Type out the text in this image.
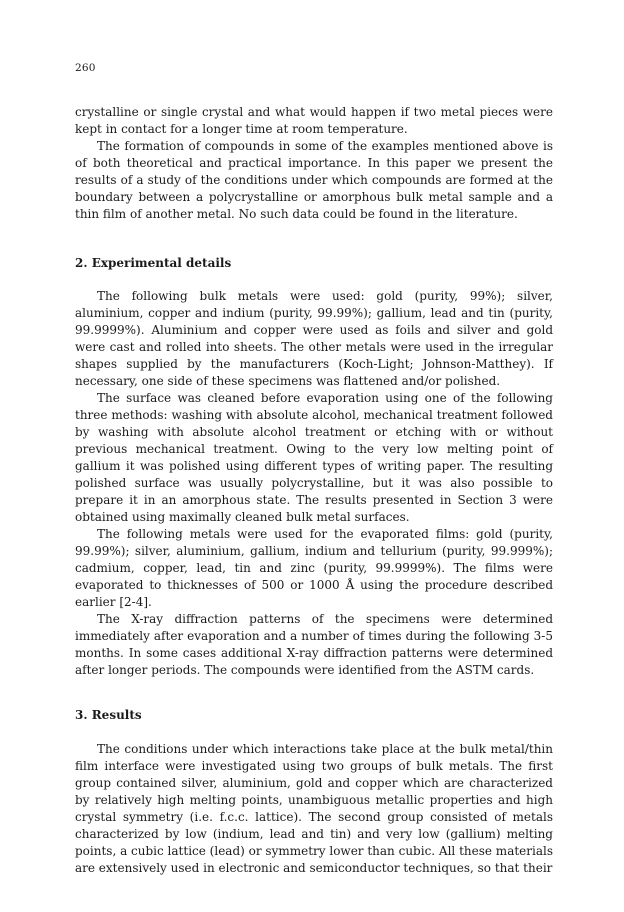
260

crystalline or single crystal and what would happen if two metal pieces were kept in contact for a longer time at room temperature.

The formation of compounds in some of the examples mentioned above is of both theoretical and practical importance. In this paper we present the results of a study of the conditions under which compounds are formed at the boundary between a polycrystalline or amorphous bulk metal sample and a thin film of another metal. No such data could be found in the literature.

2. Experimental details

The following bulk metals were used: gold (purity, 99%); silver, aluminium, copper and indium (purity, 99.99%); gallium, lead and tin (purity, 99.9999%). Aluminium and copper were used as foils and silver and gold were cast and rolled into sheets. The other metals were used in the irregular shapes supplied by the manufacturers (Koch-Light; Johnson-Matthey). If necessary, one side of these specimens was flattened and/or polished.

The surface was cleaned before evaporation using one of the following three methods: washing with absolute alcohol, mechanical treatment followed by washing with absolute alcohol treatment or etching with or without previous mechanical treatment. Owing to the very low melting point of gallium it was polished using different types of writing paper. The resulting polished surface was usually polycrystalline, but it was also possible to prepare it in an amorphous state. The results presented in Section 3 were obtained using maximally cleaned bulk metal surfaces.

The following metals were used for the evaporated films: gold (purity, 99.99%); silver, aluminium, gallium, indium and tellurium (purity, 99.999%); cadmium, copper, lead, tin and zinc (purity, 99.9999%). The films were evaporated to thicknesses of 500 or 1000 Å using the procedure described earlier [2-4].

The X-ray diffraction patterns of the specimens were determined immediately after evaporation and a number of times during the following 3-5 months. In some cases additional X-ray diffraction patterns were determined after longer periods. The compounds were identified from the ASTM cards.

3. Results

The conditions under which interactions take place at the bulk metal/thin film interface were investigated using two groups of bulk metals. The first group contained silver, aluminium, gold and copper which are characterized by relatively high melting points, unambiguous metallic properties and high crystal symmetry (i.e. f.c.c. lattice). The second group consisted of metals characterized by low (indium, lead and tin) and very low (gallium) melting points, a cubic lattice (lead) or symmetry lower than cubic. All these materials are extensively used in electronic and semiconductor techniques, so that their
